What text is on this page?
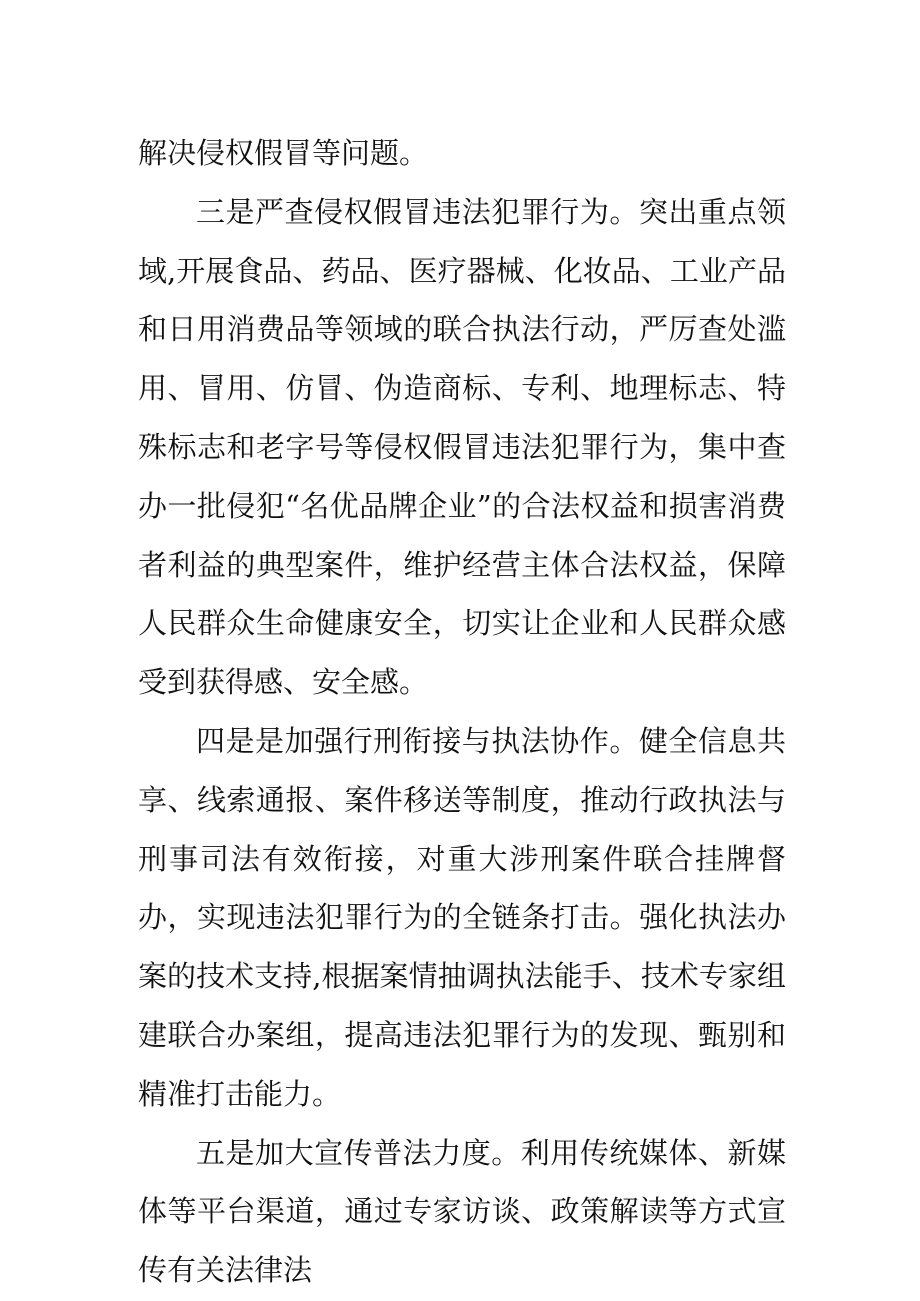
解决侵权假冒等问题。

三是严查侵权假冒违法犯罪行为。突出重点领域,开展食品、药品、医疗器械、化妆品、工业产品和日用消费品等领域的联合执法行动，严厉查处滥用、冒用、仿冒、伪造商标、专利、地理标志、特殊标志和老字号等侵权假冒违法犯罪行为，集中查办一批侵犯“名优品牌企业”的合法权益和损害消费者利益的典型案件，维护经营主体合法权益，保障人民群众生命健康安全，切实让企业和人民群众感受到获得感、安全感。

四是是加强行刑衔接与执法协作。健全信息共享、线索通报、案件移送等制度，推动行政执法与刑事司法有效衔接，对重大涉刑案件联合挂牌督办，实现违法犯罪行为的全链条打击。强化执法办案的技术支持,根据案情抽调执法能手、技术专家组建联合办案组，提高违法犯罪行为的发现、甄别和精准打击能力。

五是加大宣传普法力度。利用传统媒体、新媒体等平台渠道，通过专家访谈、政策解读等方式宣传有关法律法
